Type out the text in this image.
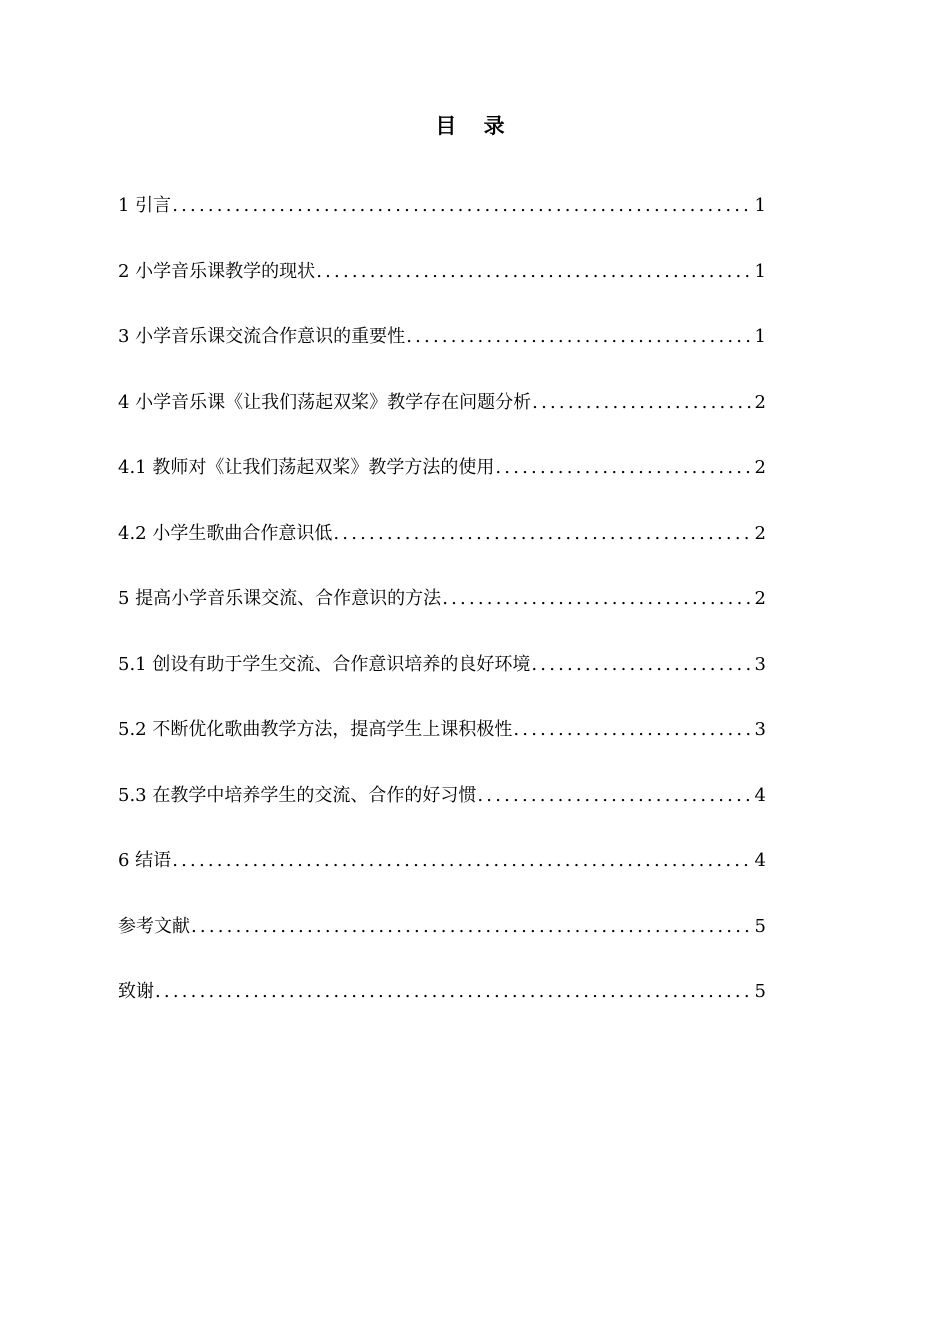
目 录
1 引言 .....	1
2 小学音乐课教学的现状 .....	1
3 小学音乐课交流合作意识的重要性 .....	1
4 小学音乐课《让我们荡起双桨》教学存在问题分析 .....	2
4.1 教师对《让我们荡起双桨》教学方法的使用 .....	2
4.2 小学生歌曲合作意识低 .....	2
5 提高小学音乐课交流、合作意识的方法 .....	2
5.1 创设有助于学生交流、合作意识培养的良好环境 .....	3
5.2 不断优化歌曲教学方法，提高学生上课积极性 .....	3
5.3 在教学中培养学生的交流、合作的好习惯 .....	4
6 结语 .....	4
参考文献 .....	5
致谢 .....	5
